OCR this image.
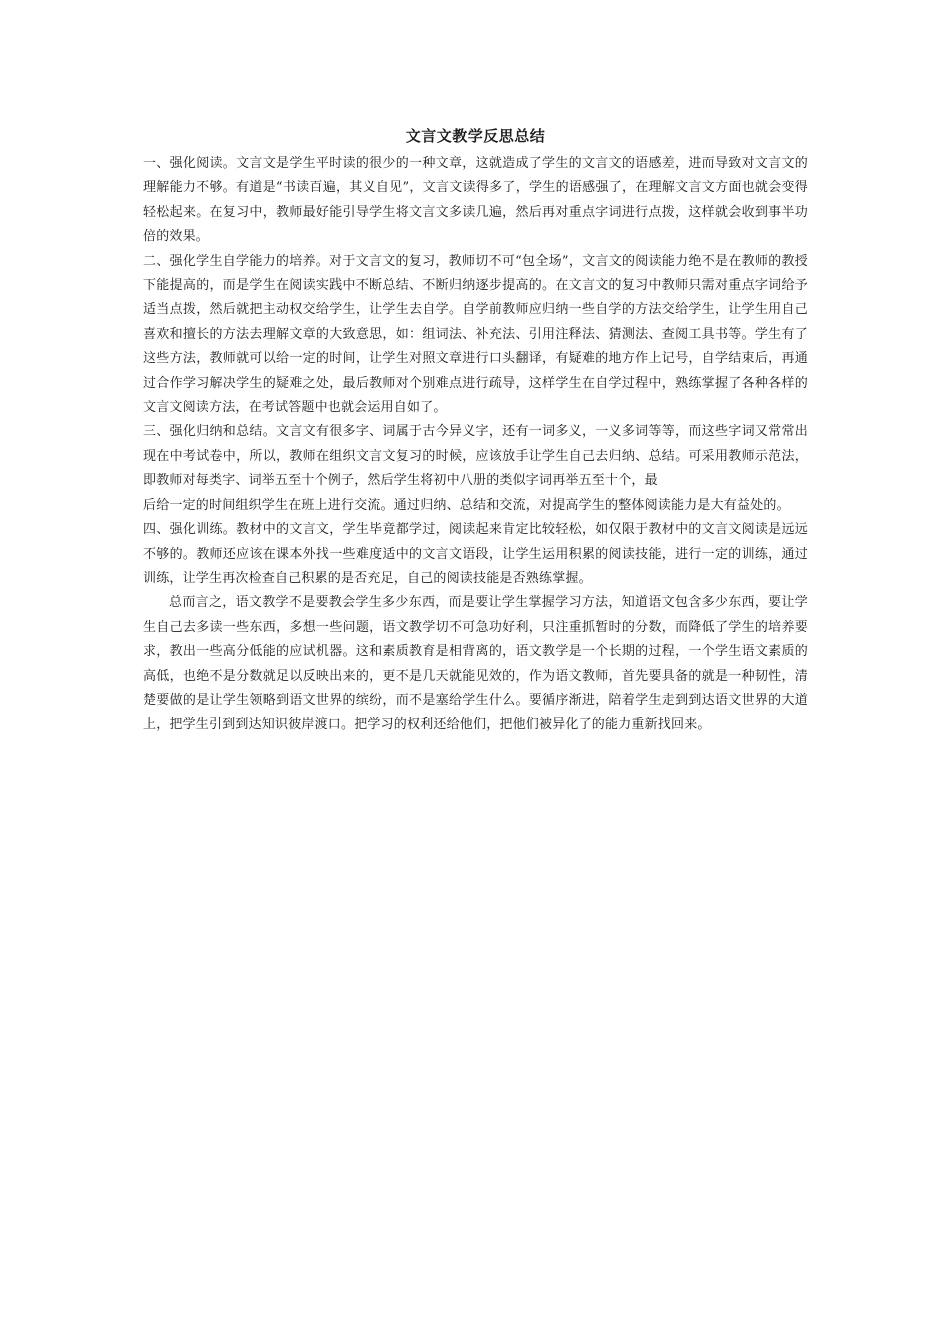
文言文教学反思总结

一、强化阅读。文言文是学生平时读的很少的一种文章，这就造成了学生的文言文的语感差，进而导致对文言文的理解能力不够。有道是“书读百遍，其义自见”，文言文读得多了，学生的语感强了，在理解文言文方面也就会变得轻松起来。在复习中，教师最好能引导学生将文言文多读几遍，然后再对重点字词进行点拨，这样就会收到事半功倍的效果。

二、强化学生自学能力的培养。对于文言文的复习，教师切不可“包全场”，文言文的阅读能力绝不是在教师的教授下能提高的，而是学生在阅读实践中不断总结、不断归纳逐步提高的。在文言文的复习中教师只需对重点字词给予适当点拨，然后就把主动权交给学生，让学生去自学。自学前教师应归纳一些自学的方法交给学生，让学生用自己喜欢和擅长的方法去理解文章的大致意思，如：组词法、补充法、引用注释法、猜测法、查阅工具书等。学生有了这些方法，教师就可以给一定的时间，让学生对照文章进行口头翻译，有疑难的地方作上记号，自学结束后，再通过合作学习解决学生的疑难之处，最后教师对个别难点进行疏导，这样学生在自学过程中，熟练掌握了各种各样的文言文阅读方法，在考试答题中也就会运用自如了。

三、强化归纳和总结。文言文有很多字、词属于古今异义字，还有一词多义，一义多词等等，而这些字词又常常出现在中考试卷中，所以，教师在组织文言文复习的时候，应该放手让学生自己去归纳、总结。可采用教师示范法，即教师对每类字、词举五至十个例子，然后学生将初中八册的类似字词再举五至十个，最

后给一定的时间组织学生在班上进行交流。通过归纳、总结和交流，对提高学生的整体阅读能力是大有益处的。

四、强化训练。教材中的文言文，学生毕竟都学过，阅读起来肯定比较轻松，如仅限于教材中的文言文阅读是远远不够的。教师还应该在课本外找一些难度适中的文言文语段，让学生运用积累的阅读技能，进行一定的训练，通过训练，让学生再次检查自己积累的是否充足，自己的阅读技能是否熟练掌握。

总而言之，语文教学不是要教会学生多少东西，而是要让学生掌握学习方法，知道语文包含多少东西，要让学生自己去多读一些东西，多想一些问题，语文教学切不可急功好利，只注重抓暂时的分数，而降低了学生的培养要求，教出一些高分低能的应试机器。这和素质教育是相背离的，语文教学是一个长期的过程，一个学生语文素质的高低，也绝不是分数就足以反映出来的，更不是几天就能见效的，作为语文教师，首先要具备的就是一种韧性，清楚要做的是让学生领略到语文世界的缤纷，而不是塞给学生什么。要循序渐进，陪着学生走到到达语文世界的大道上，把学生引到到达知识彼岸渡口。把学习的权利还给他们，把他们被异化了的能力重新找回来。
